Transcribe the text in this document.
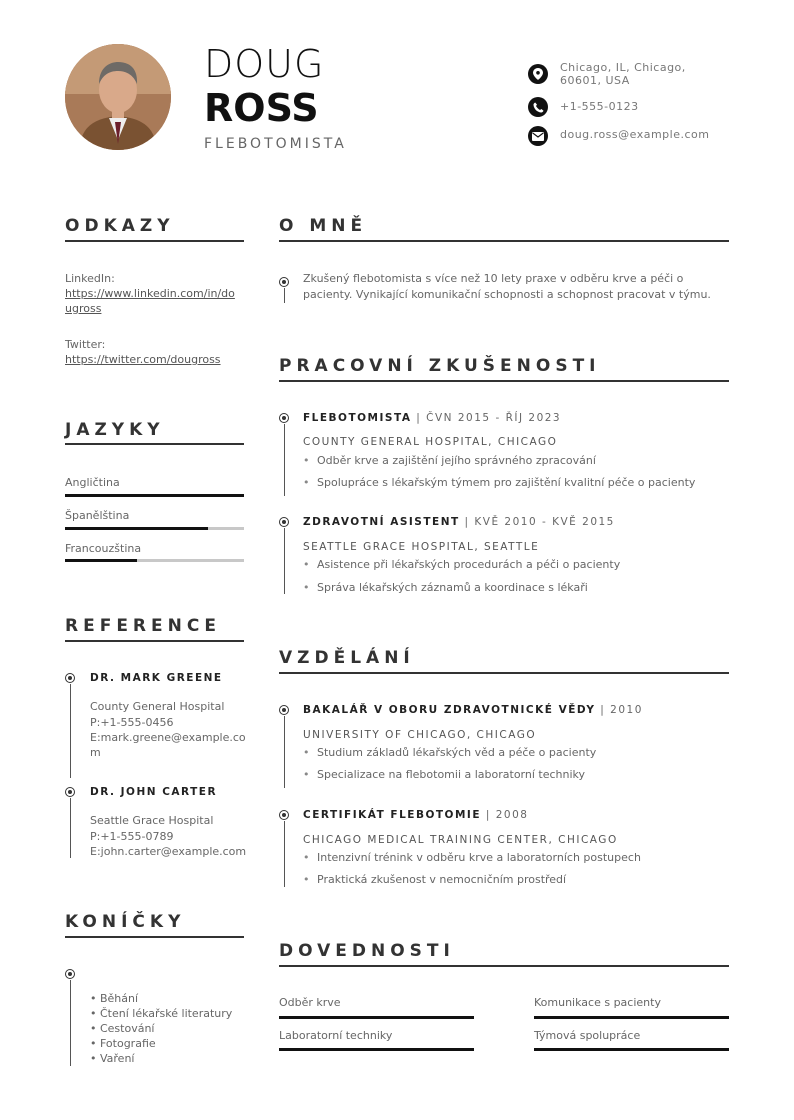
DOUG
ROSS
FLEBOTOMISTA
Chicago, IL, Chicago, 60601, USA
+1-555-0123
doug.ross@example.com
ODKAZY
LinkedIn:
https://www.linkedin.com/in/do
ugross
Twitter:
https://twitter.com/dougross
JAZYKY
Angličtina
Španělština
Francouzština
REFERENCE
DR. MARK GREENE
County General Hospital
P:+1-555-0456
E:mark.greene@example.co
m
DR. JOHN CARTER
Seattle Grace Hospital
P:+1-555-0789
E:john.carter@example.com
KONÍČKY
• Běhání
• Čtení lékařské literatury
• Cestování
• Fotografie
• Vaření
O MNĚ
Zkušený flebotomista s více než 10 lety praxe v odběru krve a péči o
pacienty. Vynikající komunikační schopnosti a schopnost pracovat v týmu.
PRACOVNÍ ZKUŠENOSTI
FLEBOTOMISTA | ČVN 2015 - ŘÍJ 2023
COUNTY GENERAL HOSPITAL, CHICAGO
• Odběr krve a zajištění jejího správného zpracování
• Spolupráce s lékařským týmem pro zajištění kvalitní péče o pacienty
ZDRAVOTNÍ ASISTENT | KVĚ 2010 - KVĚ 2015
SEATTLE GRACE HOSPITAL, SEATTLE
• Asistence při lékařských procedurách a péči o pacienty
• Správa lékařských záznamů a koordinace s lékaři
VZDĚLÁNÍ
BAKALÁŘ V OBORU ZDRAVOTNICKÉ VĚDY | 2010
UNIVERSITY OF CHICAGO, CHICAGO
• Studium základů lékařských věd a péče o pacienty
• Specializace na flebotomii a laboratorní techniky
CERTIFIKÁT FLEBOTOMIE | 2008
CHICAGO MEDICAL TRAINING CENTER, CHICAGO
• Intenzivní trénink v odběru krve a laboratorních postupech
• Praktická zkušenost v nemocničním prostředí
DOVEDNOSTI
Odběr krve	Komunikace s pacienty
Laboratorní techniky	Týmová spolupráce
